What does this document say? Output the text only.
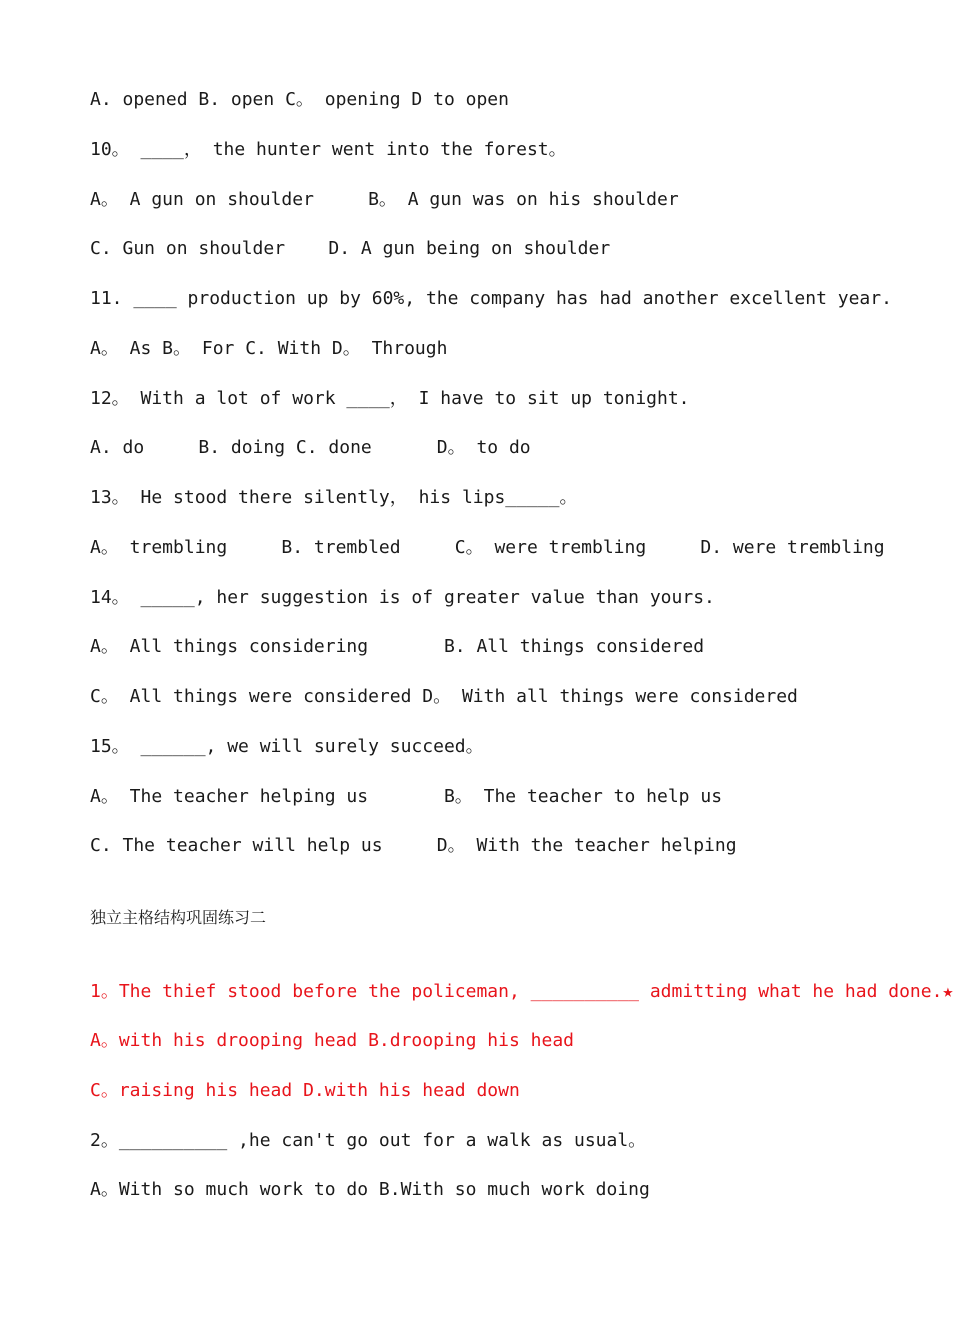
A. opened B. open C。 opening D to open
10。 ____， the hunter went into the forest。
A。 A gun on shoulder     B。 A gun was on his shoulder
C. Gun on shoulder    D. A gun being on shoulder
11. ____ production up by 60%, the company has had another excellent year.
A。 As B。 For C. With D。 Through
12。 With a lot of work ____， I have to sit up tonight.
A. do     B. doing C. done      D。 to do
13。 He stood there silently， his lips_____。
A。 trembling     B. trembled     C。 were trembling     D. were trembling
14。 _____, her suggestion is of greater value than yours.
A。 All things considering       B. All things considered
C。 All things were considered D。 With all things were considered
15。 ______, we will surely succeed。
A。 The teacher helping us       B。 The teacher to help us
C. The teacher will help us     D。 With the teacher helping
独立主格结构巩固练习二
1。The thief stood before the policeman, __________ admitting what he had done.★
A。with his drooping head B.drooping his head
C。raising his head D.with his head down
2。__________ ,he can't go out for a walk as usual。
A。With so much work to do B.With so much work doing
